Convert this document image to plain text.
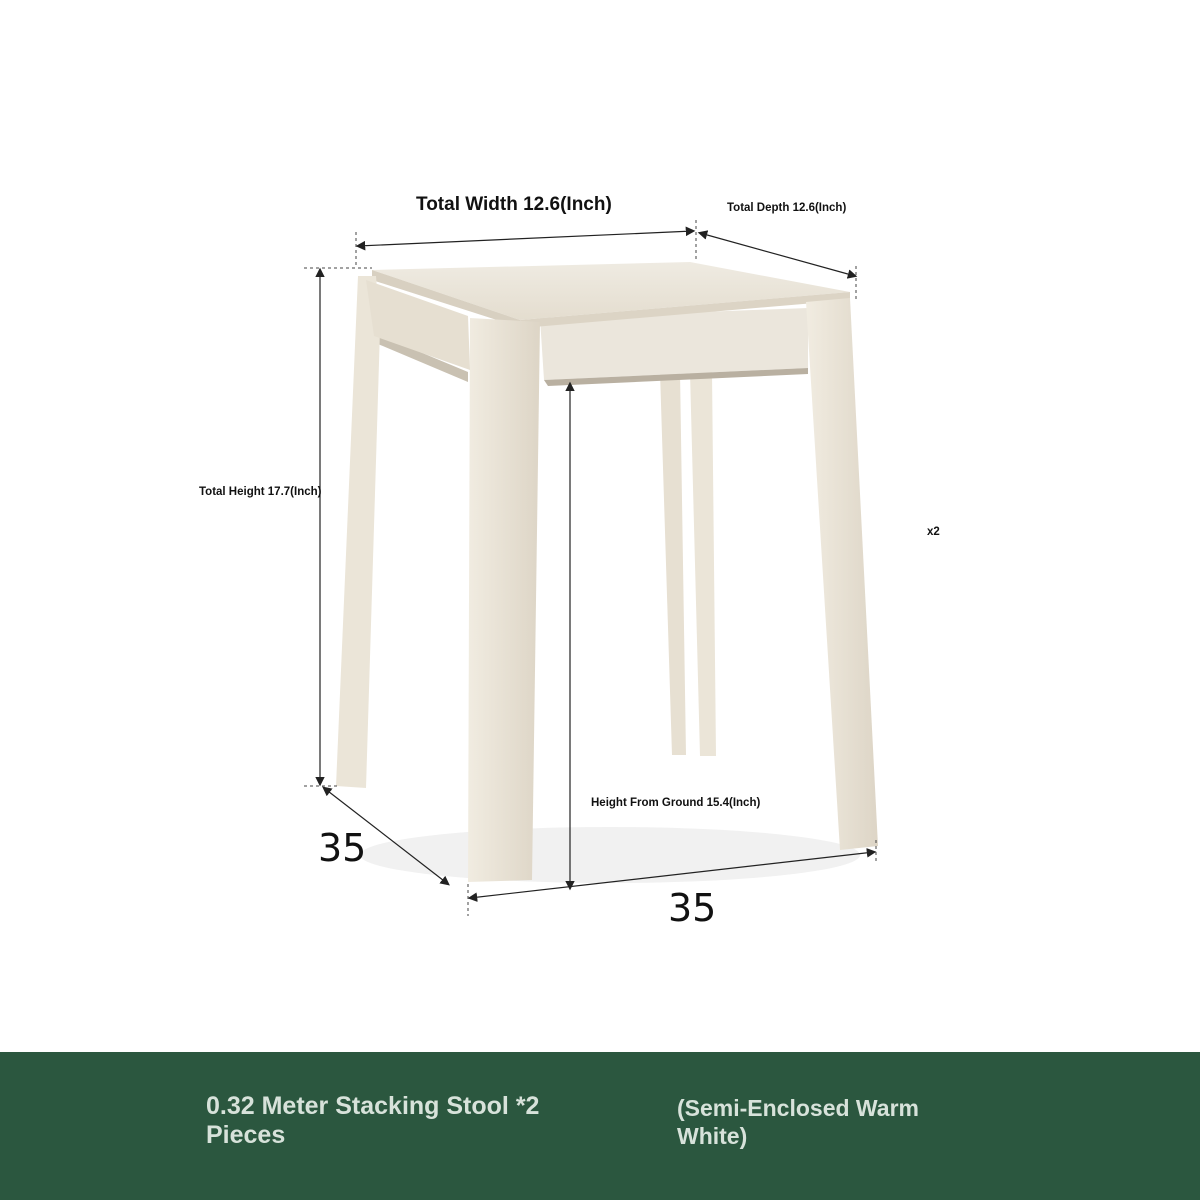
Total Width 12.6(Inch)	Total Depth 12.6(Inch)
Total Height 17.7(Inch)
Height From Ground 15.4(Inch)
x2
35
35
0.32 Meter Stacking Stool *2 Pieces
(Semi-Enclosed Warm White)
